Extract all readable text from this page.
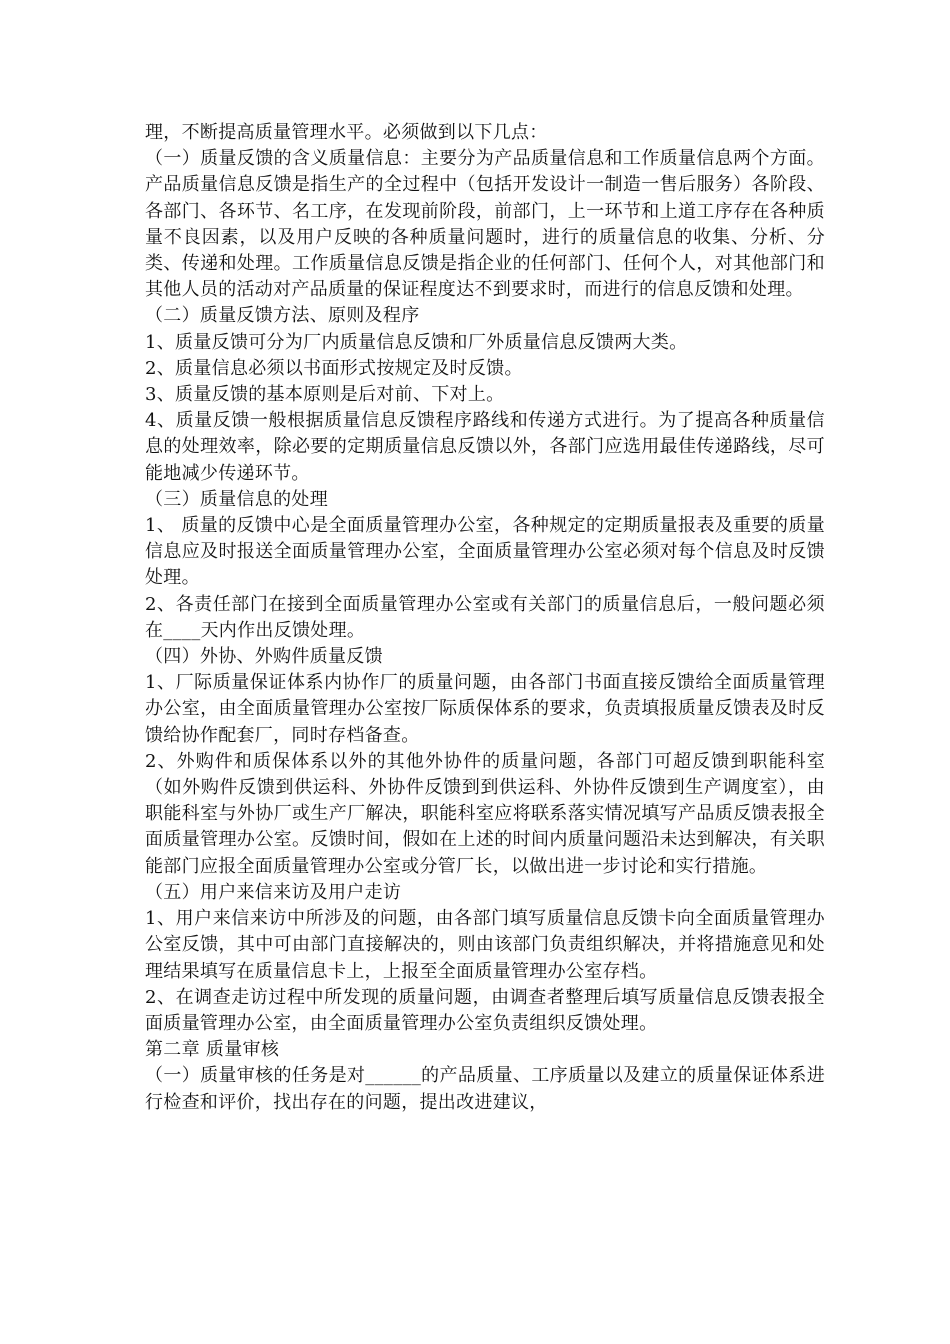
理，不断提高质量管理水平。必须做到以下几点：

（一）质量反馈的含义质量信息：主要分为产品质量信息和工作质量信息两个方面。产品质量信息反馈是指生产的全过程中（包括开发设计一制造一售后服务）各阶段、各部门、各环节、名工序，在发现前阶段，前部门，上一环节和上道工序存在各种质量不良因素，以及用户反映的各种质量问题时，进行的质量信息的收集、分析、分类、传递和处理。工作质量信息反馈是指企业的任何部门、任何个人，对其他部门和其他人员的活动对产品质量的保证程度达不到要求时，而进行的信息反馈和处理。

（二）质量反馈方法、原则及程序

1、质量反馈可分为厂内质量信息反馈和厂外质量信息反馈两大类。

2、质量信息必须以书面形式按规定及时反馈。

3、质量反馈的基本原则是后对前、下对上。

4、质量反馈一般根据质量信息反馈程序路线和传递方式进行。为了提高各种质量信息的处理效率，除必要的定期质量信息反馈以外，各部门应选用最佳传递路线，尽可能地减少传递环节。

（三）质量信息的处理

1、 质量的反馈中心是全面质量管理办公室，各种规定的定期质量报表及重要的质量信息应及时报送全面质量管理办公室，全面质量管理办公室必须对每个信息及时反馈处理。

2、各责任部门在接到全面质量管理办公室或有关部门的质量信息后，一般问题必须在____天内作出反馈处理。

（四）外协、外购件质量反馈

1、厂际质量保证体系内协作厂的质量问题，由各部门书面直接反馈给全面质量管理办公室，由全面质量管理办公室按厂际质保体系的要求，负责填报质量反馈表及时反馈给协作配套厂，同时存档备查。

2、外购件和质保体系以外的其他外协件的质量问题，各部门可超反馈到职能科室（如外购件反馈到供运科、外协件反馈到到供运科、外协件反馈到生产调度室），由职能科室与外协厂或生产厂解决，职能科室应将联系落实情况填写产品质反馈表报全面质量管理办公室。反馈时间，假如在上述的时间内质量问题沿未达到解决，有关职能部门应报全面质量管理办公室或分管厂长，以做出进一步讨论和实行措施。

（五）用户来信来访及用户走访

1、用户来信来访中所涉及的问题，由各部门填写质量信息反馈卡向全面质量管理办公室反馈，其中可由部门直接解决的，则由该部门负责组织解决，并将措施意见和处理结果填写在质量信息卡上，上报至全面质量管理办公室存档。

2、在调查走访过程中所发现的质量问题，由调查者整理后填写质量信息反馈表报全面质量管理办公室，由全面质量管理办公室负责组织反馈处理。

第二章 质量审核

（一）质量审核的任务是对______的产品质量、工序质量以及建立的质量保证体系进行检查和评价，找出存在的问题，提出改进建议，
